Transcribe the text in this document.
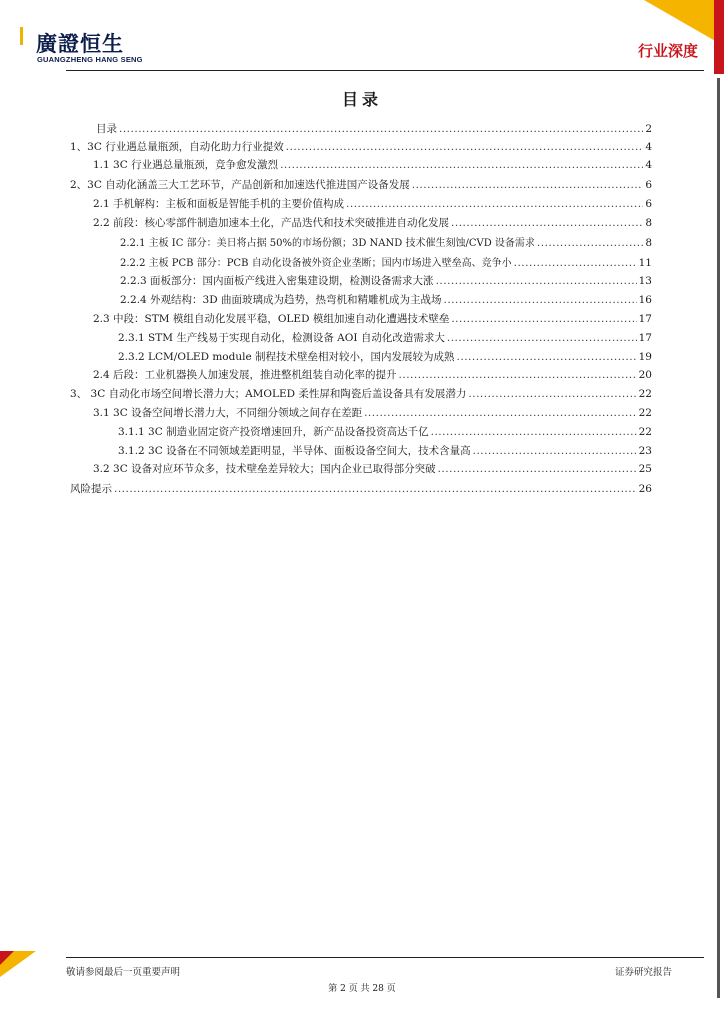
廣證恒生
GUANGZHENG HANG SENG	行业深度
目录
目录 .....	2
1、3C 行业遇总量瓶颈，自动化助力行业提效 .....	4
1.1 3C 行业遇总量瓶颈，竞争愈发激烈 .....	4
2、3C 自动化涵盖三大工艺环节，产品创新和加速迭代推进国产设备发展 .....	6
2.1 手机解构：主板和面板是智能手机的主要价值构成 .....	6
2.2 前段：核心零部件制造加速本土化，产品迭代和技术突破推进自动化发展 .....	8
2.2.1 主板 IC 部分：美日将占据 50%的市场份额；3D NAND 技术催生刻蚀/CVD 设备需求 .....	8
2.2.2 主板 PCB 部分：PCB 自动化设备被外资企业垄断；国内市场进入壁垒高、竞争小 .....	11
2.2.3 面板部分：国内面板产线进入密集建设期，检测设备需求大涨 .....	13
2.2.4 外观结构：3D 曲面玻璃成为趋势，热弯机和精雕机成为主战场 .....	16
2.3 中段：STM 模组自动化发展平稳，OLED 模组加速自动化遭遇技术壁垒 .....	17
2.3.1 STM 生产线易于实现自动化，检测设备 AOI 自动化改造需求大 .....	17
2.3.2 LCM/OLED module 制程技术壁垒相对较小，国内发展较为成熟 .....	19
2.4 后段：工业机器换人加速发展，推进整机组装自动化率的提升 .....	20
3、 3C 自动化市场空间增长潜力大；AMOLED 柔性屏和陶瓷后盖设备具有发展潜力 .....	22
3.1 3C 设备空间增长潜力大，不同细分领域之间存在差距 .....	22
3.1.1 3C 制造业固定资产投资增速回升，新产品设备投资高达千亿 .....	22
3.1.2 3C 设备在不同领域差距明显，半导体、面板设备空间大，技术含量高 .....	23
3.2 3C 设备对应环节众多，技术壁垒差异较大；国内企业已取得部分突破 .....	25
风险提示 .....	26
敬请参阅最后一页重要声明	证券研究报告
第 2 页 共 28 页
